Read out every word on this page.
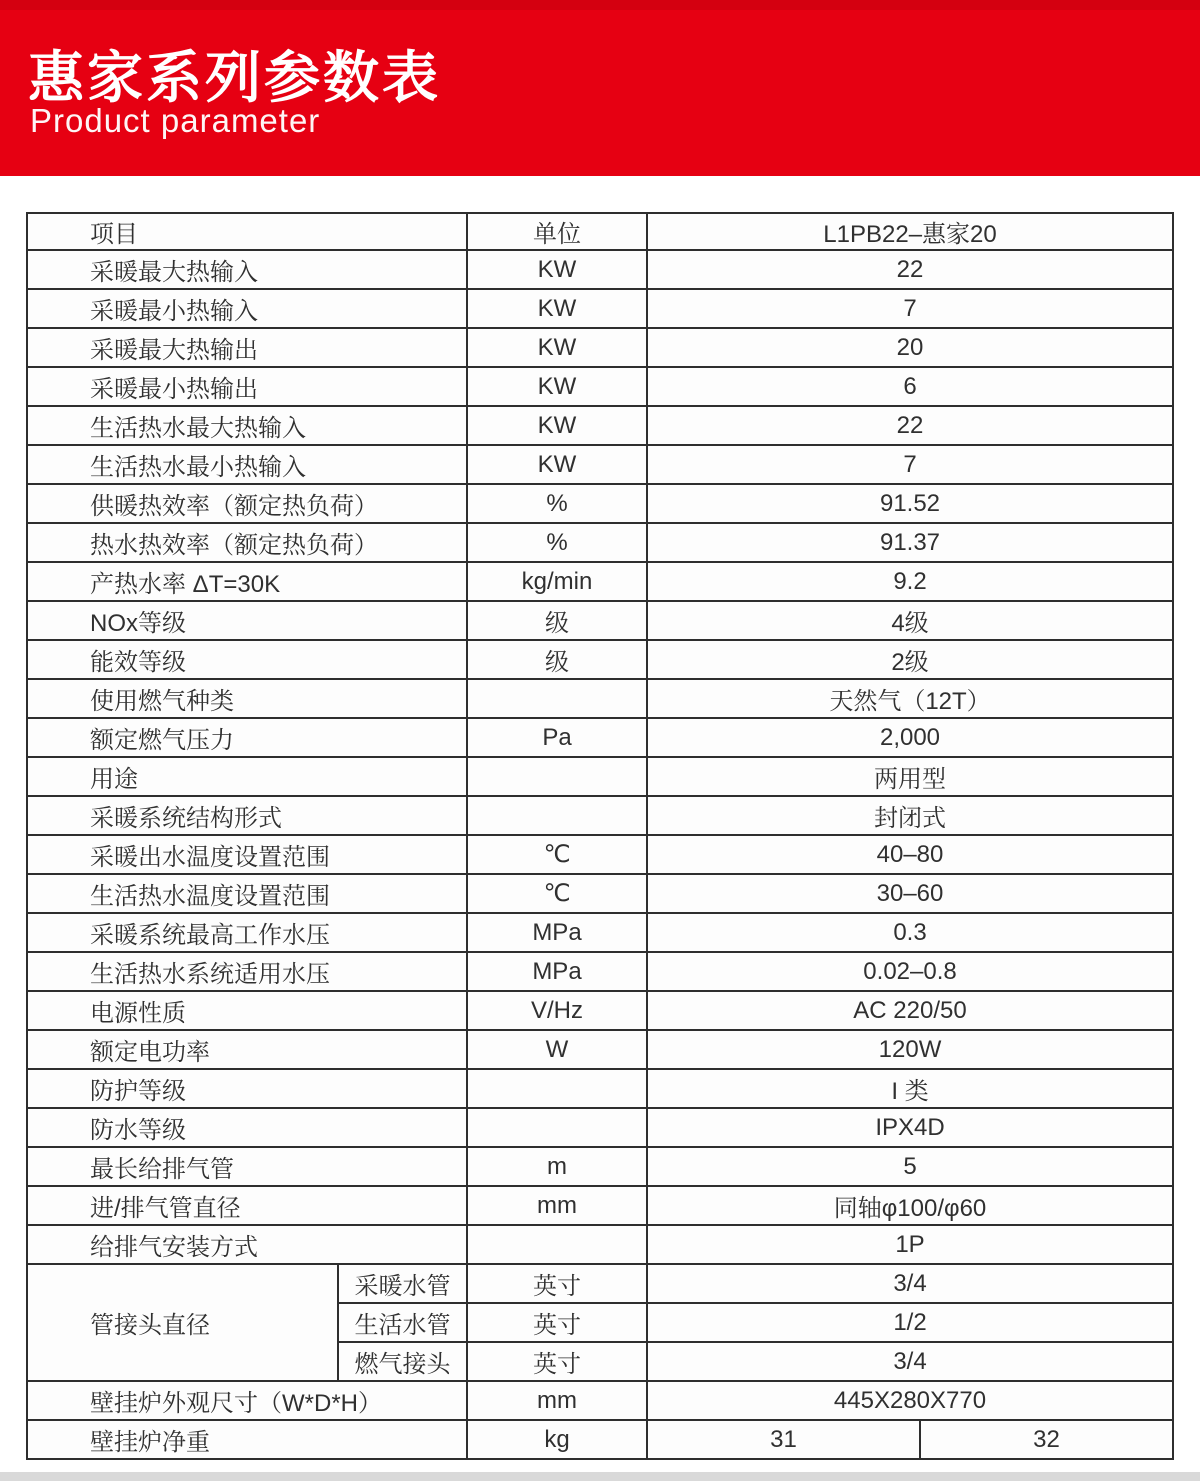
惠家系列参数表
Product parameter
项目		单位	L1PB22–惠家20	
采暖最大热输入		KW	22	
采暖最小热输入		KW	7	
采暖最大热输出		KW	20	
采暖最小热输出		KW	6	
生活热水最大热输入		KW	22	
生活热水最小热输入		KW	7	
供暖热效率（额定热负荷）		%	91.52	
热水热效率（额定热负荷）		%	91.37	
产热水率 ΔT=30K		kg/min	9.2	
NOx等级		级	4级	
能效等级		级	2级	
使用燃气种类			天然气（12T）	
额定燃气压力		Pa	2,000	
用途			两用型	
采暖系统结构形式			封闭式	
采暖出水温度设置范围		℃	40–80	
生活热水温度设置范围		℃	30–60	
采暖系统最高工作水压		MPa	0.3	
生活热水系统适用水压		MPa	0.02–0.8	
电源性质		V/Hz	AC 220/50	
额定电功率		W	120W	
防护等级			I 类	
防水等级			IPX4D	
最长给排气管		m	5	
进/排气管直径		mm	同轴φ100/φ60	
给排气安装方式			1P	
管接头直径	采暖水管	英寸	3/4	
	生活水管	英寸	1/2	
	燃气接头	英寸	3/4	
壁挂炉外观尺寸（W*D*H）		mm	445X280X770	
壁挂炉净重		kg	31	32
